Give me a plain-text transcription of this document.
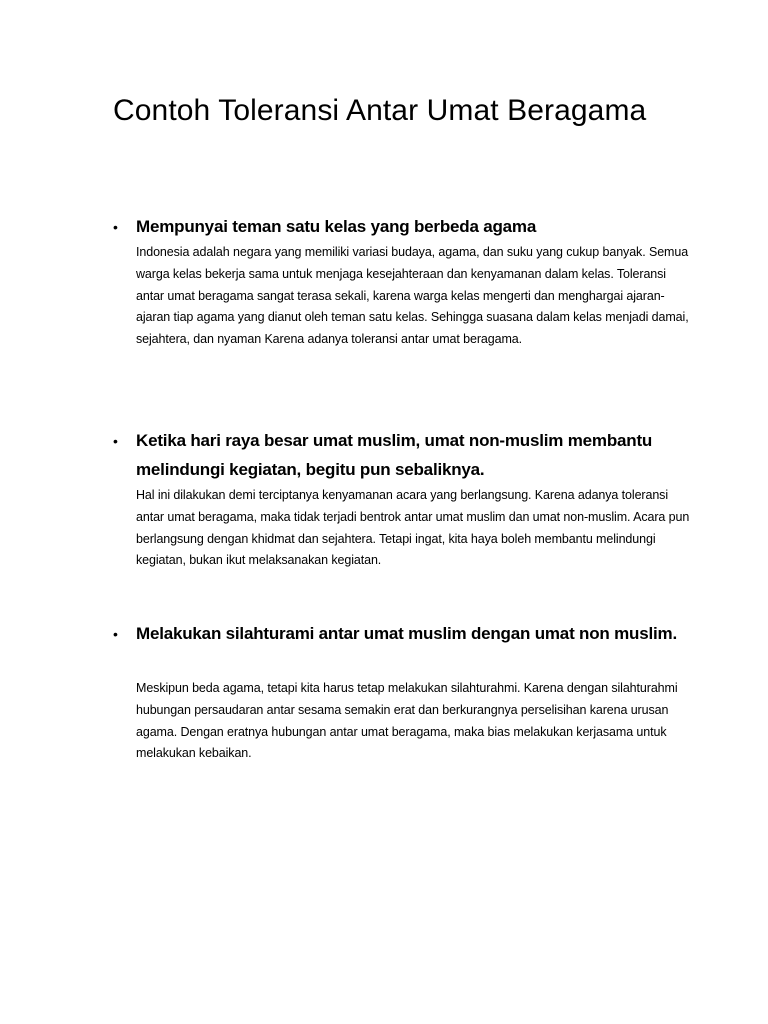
Contoh Toleransi Antar Umat Beragama
• Mempunyai teman satu kelas yang berbeda agama

Indonesia adalah negara yang memiliki variasi budaya, agama, dan suku yang cukup banyak. Semua warga kelas bekerja sama untuk menjaga kesejahteraan dan kenyamanan dalam kelas. Toleransi antar umat beragama sangat terasa sekali, karena warga kelas mengerti dan menghargai ajaran-ajaran tiap agama yang dianut oleh teman satu kelas. Sehingga suasana dalam kelas menjadi damai, sejahtera, dan nyaman Karena adanya toleransi antar umat beragama.

• Ketika hari raya besar umat muslim, umat non-muslim membantu melindungi kegiatan, begitu pun sebaliknya.

Hal ini dilakukan demi terciptanya kenyamanan acara yang berlangsung. Karena adanya toleransi antar umat beragama, maka tidak terjadi bentrok antar umat muslim dan umat non-muslim. Acara pun berlangsung dengan khidmat dan sejahtera. Tetapi ingat, kita haya boleh membantu melindungi kegiatan, bukan ikut melaksanakan kegiatan.

• Melakukan silahturami antar umat muslim dengan umat non muslim.

Meskipun beda agama, tetapi kita harus tetap melakukan silahturahmi. Karena dengan silahturahmi hubungan persaudaran antar sesama semakin erat dan berkurangnya perselisihan karena urusan agama. Dengan eratnya hubungan antar umat beragama, maka bias melakukan kerjasama untuk melakukan kebaikan.
